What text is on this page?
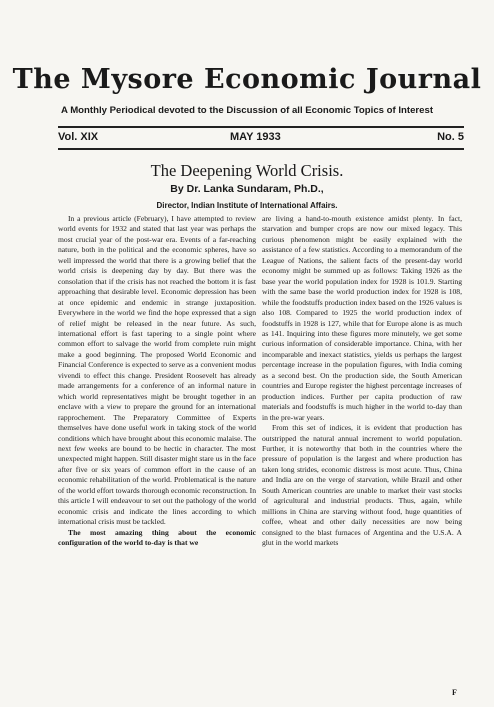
The Mysore Economic Journal
A Monthly Periodical devoted to the Discussion of all Economic Topics of Interest
Vol. XIX	MAY 1933	No. 5
The Deepening World Crisis.
By Dr. Lanka Sundaram, Ph.D.,
Director, Indian Institute of International Affairs.

In a previous article (February), I have attempted to review world events for 1932 and stated that last year was perhaps the most crucial year of the post-war era. Events of a far-reaching nature, both in the political and the economic spheres, have so well impressed the world that there is a growing belief that the world crisis is deepening day by day. But there was the consolation that if the crisis has not reached the bottom it is fast approaching that desirable level. Economic depression has been at once epidemic and endemic in strange juxtaposition. Everywhere in the world we find the hope expressed that a sign of relief might be released in the near future. As such, international effort is fast tapering to a single point where common effort to salvage the world from complete ruin might make a good beginning. The proposed World Economic and Financial Conference is expected to serve as a convenient modus vivendi to effect this change. President Roosevelt has already made arrangements for a conference of an informal nature in which world representatives might be brought together in an enclave with a view to prepare the ground for an international rapprochement. The Preparatory Committee of Experts themselves have done useful work in taking stock of the world conditions which have brought about this economic malaise. The next few weeks are bound to be hectic in character. The most unexpected might happen. Still disaster might stare us in the face after five or six years of common effort in the cause of an economic rehabilitation of the world. Problematical is the nature of the world effort towards thorough economic reconstruction. In this article I will endeavour to set out the pathology of the world economic crisis and indicate the lines according to which international crisis must be tackled.

The most amazing thing about the economic configuration of the world to-day is that we

are living a hand-to-mouth existence amidst plenty. In fact, starvation and bumper crops are now our mixed legacy. This curious phenomenon might be easily explained with the assistance of a few statistics. According to a memorandum of the League of Nations, the salient facts of the present-day world economy might be summed up as follows: Taking 1926 as the base year the world population index for 1928 is 101.9. Starting with the same base the world production index for 1928 is 108, while the foodstuffs production index based on the 1926 values is also 108. Compared to 1925 the world production index of foodstuffs in 1928 is 127, while that for Europe alone is as much as 141. Inquiring into these figures more minutely, we get some curious information of considerable importance. China, with her incomparable and inexact statistics, yields us perhaps the largest percentage increase in the population figures, with India coming as a second best. On the production side, the South American countries and Europe register the highest percentage increases of production indices. Further per capita production of raw materials and foodstuffs is much higher in the world to-day than in the pre-war years.

From this set of indices, it is evident that production has outstripped the natural annual increment to world population. Further, it is noteworthy that both in the countries where the pressure of population is the largest and where production has taken long strides, economic distress is most acute. Thus, China and India are on the verge of starvation, while Brazil and other South American countries are unable to market their vast stocks of agricultural and industrial products. Thus, again, while millions in China are starving without food, huge quantities of coffee, wheat and other daily necessities are now being consigned to the blast furnaces of Argentina and the U.S.A. A glut in the world markets

F
